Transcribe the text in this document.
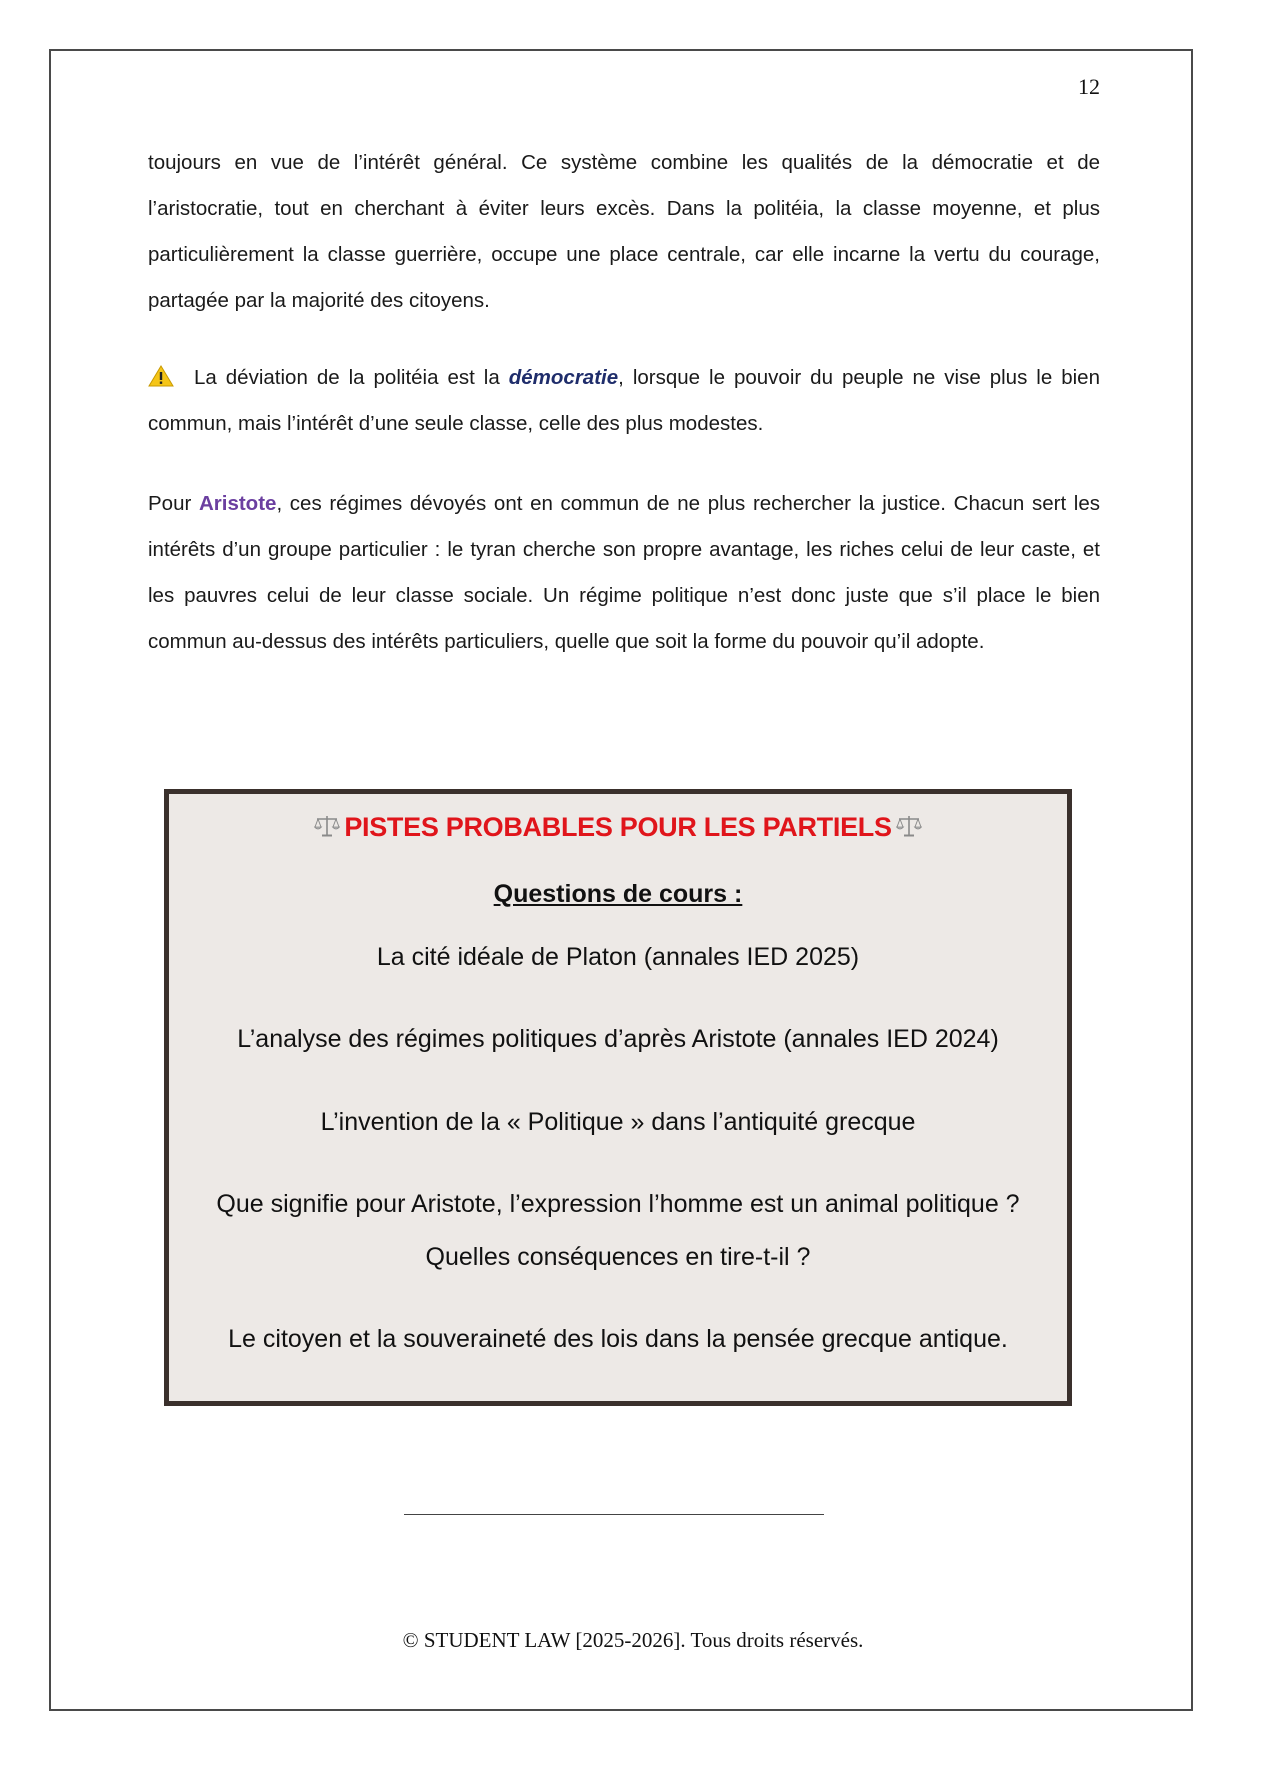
12

toujours en vue de l’intérêt général. Ce système combine les qualités de la démocratie et de l’aristocratie, tout en cherchant à éviter leurs excès. Dans la politéia, la classe moyenne, et plus particulièrement la classe guerrière, occupe une place centrale, car elle incarne la vertu du courage, partagée par la majorité des citoyens.

La déviation de la politéia est la démocratie, lorsque le pouvoir du peuple ne vise plus le bien commun, mais l’intérêt d’une seule classe, celle des plus modestes.

Pour Aristote, ces régimes dévoyés ont en commun de ne plus rechercher la justice. Chacun sert les intérêts d’un groupe particulier : le tyran cherche son propre avantage, les riches celui de leur caste, et les pauvres celui de leur classe sociale. Un régime politique n’est donc juste que s’il place le bien commun au-dessus des intérêts particuliers, quelle que soit la forme du pouvoir qu’il adopte.

PISTES PROBABLES POUR LES PARTIELS
Questions de cours :
La cité idéale de Platon (annales IED 2025)
L’analyse des régimes politiques d’après Aristote (annales IED 2024)
L’invention de la « Politique » dans l’antiquité grecque
Que signifie pour Aristote, l’expression l’homme est un animal politique ? Quelles conséquences en tire-t-il ?
Le citoyen et la souveraineté des lois dans la pensée grecque antique.
© STUDENT LAW [2025-2026]. Tous droits réservés.
